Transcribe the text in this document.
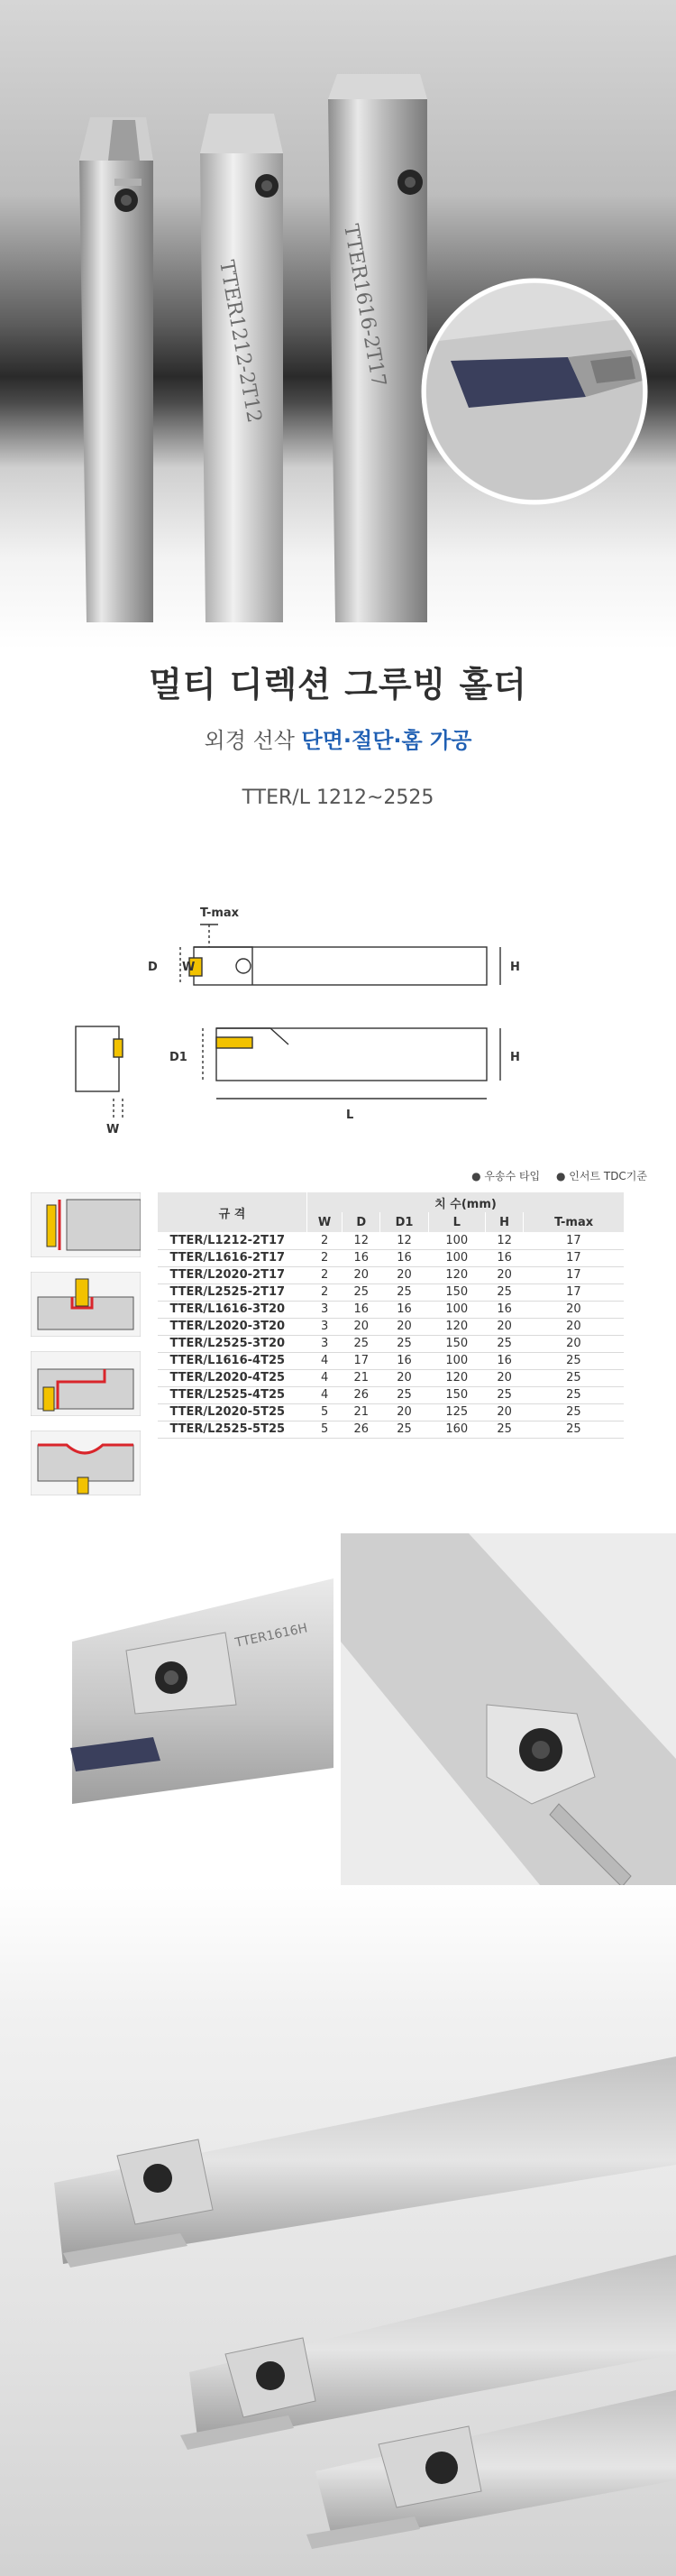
TTER1212-2T12	TTER1616-2T17
멀티 디렉션 그루빙 홀더
외경 선삭 단면·절단·홈 가공
TTER/L 1212~2525
T-max
D W	H
D1	H
L
W
● 우송수 타입 ● 인서트 TDC기준

규 격	치 수(mm)					
	W	D	D1	L	H	T-max
TTER/L1212-2T17	2	12	12	100	12	17
TTER/L1616-2T17	2	16	16	100	16	17
TTER/L2020-2T17	2	20	20	120	20	17
TTER/L2525-2T17	2	25	25	150	25	17
TTER/L1616-3T20	3	16	16	100	16	20
TTER/L2020-3T20	3	20	20	120	20	20
TTER/L2525-3T20	3	25	25	150	25	20
TTER/L1616-4T25	4	17	16	100	16	25
TTER/L2020-4T25	4	21	20	120	20	25
TTER/L2525-4T25	4	26	25	150	25	25
TTER/L2020-5T25	5	21	20	125	20	25
TTER/L2525-5T25	5	26	25	160	25	25
TTER1616H
